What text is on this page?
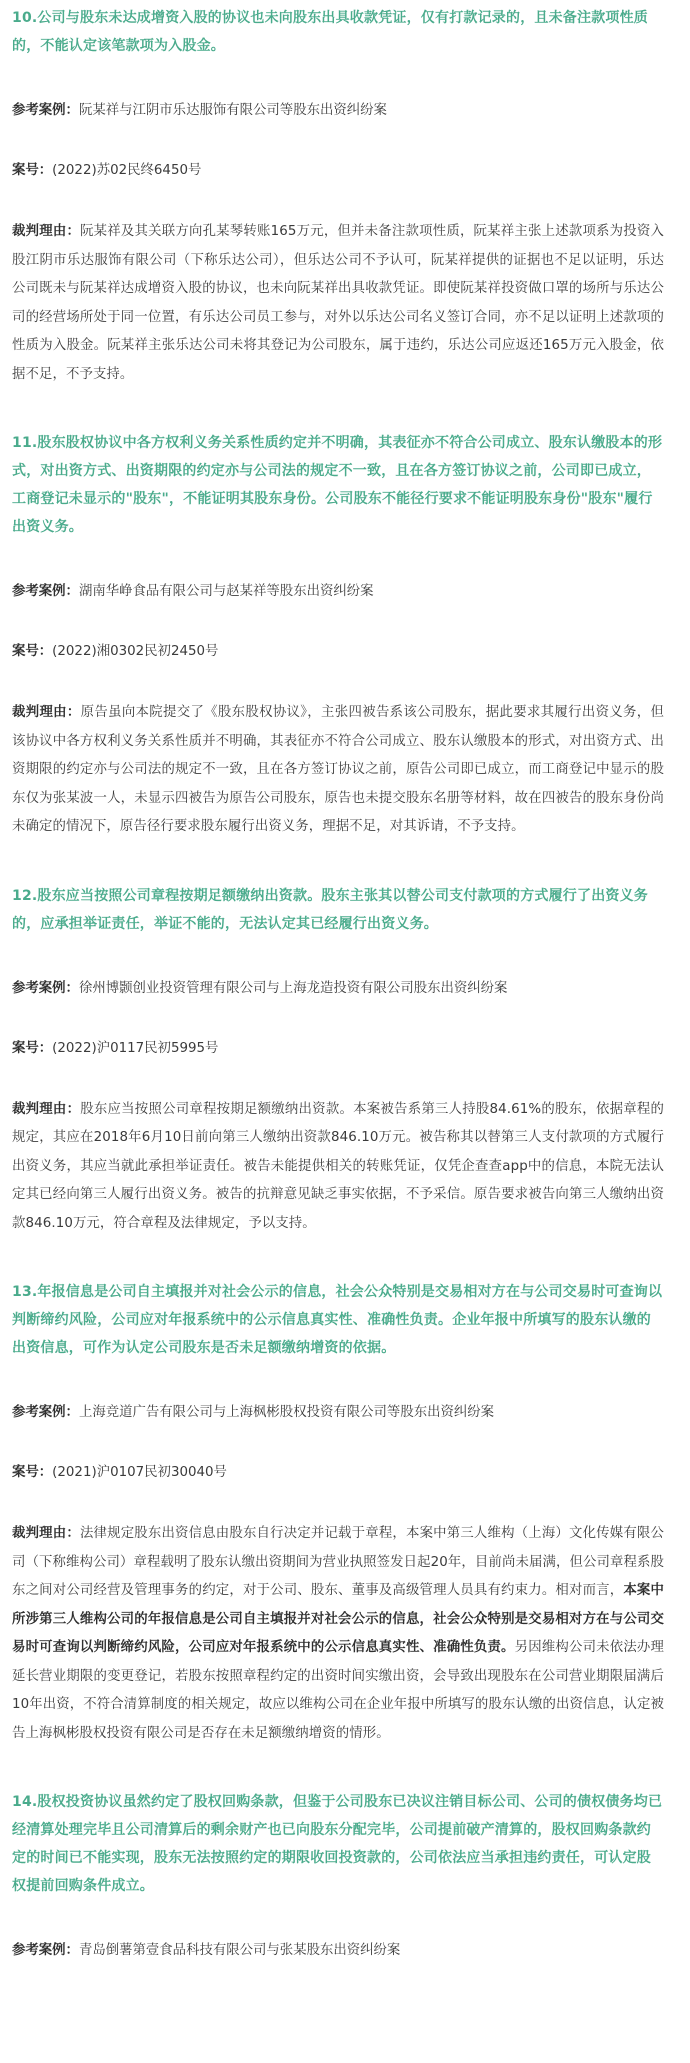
10.公司与股东未达成增资入股的协议也未向股东出具收款凭证，仅有打款记录的，且未备注款项性质的，不能认定该笔款项为入股金。

参考案例：阮某祥与江阴市乐达服饰有限公司等股东出资纠纷案

案号：(2022)苏02民终6450号

裁判理由：阮某祥及其关联方向孔某琴转账165万元，但并未备注款项性质，阮某祥主张上述款项系为投资入股江阴市乐达服饰有限公司（下称乐达公司），但乐达公司不予认可，阮某祥提供的证据也不足以证明，乐达公司既未与阮某祥达成增资入股的协议，也未向阮某祥出具收款凭证。即使阮某祥投资做口罩的场所与乐达公司的经营场所处于同一位置，有乐达公司员工参与，对外以乐达公司名义签订合同，亦不足以证明上述款项的性质为入股金。阮某祥主张乐达公司未将其登记为公司股东，属于违约，乐达公司应返还165万元入股金，依据不足，不予支持。

11.股东股权协议中各方权利义务关系性质约定并不明确，其表征亦不符合公司成立、股东认缴股本的形式，对出资方式、出资期限的约定亦与公司法的规定不一致，且在各方签订协议之前，公司即已成立，工商登记未显示的"股东"，不能证明其股东身份。公司股东不能径行要求不能证明股东身份"股东"履行出资义务。

参考案例：湖南华峥食品有限公司与赵某祥等股东出资纠纷案

案号：(2022)湘0302民初2450号

裁判理由：原告虽向本院提交了《股东股权协议》，主张四被告系该公司股东，据此要求其履行出资义务，但该协议中各方权利义务关系性质并不明确，其表征亦不符合公司成立、股东认缴股本的形式，对出资方式、出资期限的约定亦与公司法的规定不一致，且在各方签订协议之前，原告公司即已成立，而工商登记中显示的股东仅为张某波一人，未显示四被告为原告公司股东，原告也未提交股东名册等材料，故在四被告的股东身份尚未确定的情况下，原告径行要求股东履行出资义务，理据不足，对其诉请，不予支持。

12.股东应当按照公司章程按期足额缴纳出资款。股东主张其以替公司支付款项的方式履行了出资义务的，应承担举证责任，举证不能的，无法认定其已经履行出资义务。

参考案例：徐州博颢创业投资管理有限公司与上海龙造投资有限公司股东出资纠纷案

案号：(2022)沪0117民初5995号

裁判理由：股东应当按照公司章程按期足额缴纳出资款。本案被告系第三人持股84.61%的股东，依据章程的规定，其应在2018年6月10日前向第三人缴纳出资款846.10万元。被告称其以替第三人支付款项的方式履行出资义务，其应当就此承担举证责任。被告未能提供相关的转账凭证，仅凭企查查app中的信息，本院无法认定其已经向第三人履行出资义务。被告的抗辩意见缺乏事实依据，不予采信。原告要求被告向第三人缴纳出资款846.10万元，符合章程及法律规定，予以支持。

13.年报信息是公司自主填报并对社会公示的信息，社会公众特别是交易相对方在与公司交易时可查询以判断缔约风险，公司应对年报系统中的公示信息真实性、准确性负责。企业年报中所填写的股东认缴的出资信息，可作为认定公司股东是否未足额缴纳增资的依据。

参考案例：上海竞道广告有限公司与上海枫彬股权投资有限公司等股东出资纠纷案

案号：(2021)沪0107民初30040号

裁判理由：法律规定股东出资信息由股东自行决定并记载于章程，本案中第三人维构（上海）文化传媒有限公司（下称维构公司）章程载明了股东认缴出资期间为营业执照签发日起20年，目前尚未届满，但公司章程系股东之间对公司经营及管理事务的约定，对于公司、股东、董事及高级管理人员具有约束力。相对而言，本案中所涉第三人维构公司的年报信息是公司自主填报并对社会公示的信息，社会公众特别是交易相对方在与公司交易时可查询以判断缔约风险，公司应对年报系统中的公示信息真实性、准确性负责。另因维构公司未依法办理延长营业期限的变更登记，若股东按照章程约定的出资时间实缴出资，会导致出现股东在公司营业期限届满后10年出资，不符合清算制度的相关规定，故应以维构公司在企业年报中所填写的股东认缴的出资信息，认定被告上海枫彬股权投资有限公司是否存在未足额缴纳增资的情形。

14.股权投资协议虽然约定了股权回购条款，但鉴于公司股东已决议注销目标公司、公司的债权债务均已经清算处理完毕且公司清算后的剩余财产也已向股东分配完毕，公司提前破产清算的，股权回购条款约定的时间已不能实现，股东无法按照约定的期限收回投资款的，公司依法应当承担违约责任，可认定股权提前回购条件成立。

参考案例：青岛倒薯第壹食品科技有限公司与张某股东出资纠纷案
